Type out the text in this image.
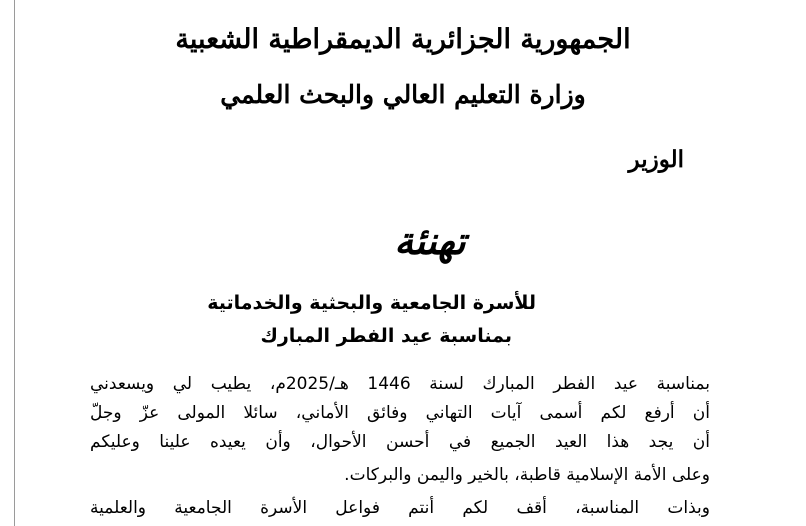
الجمهورية الجزائرية الديمقراطية الشعبية
وزارة التعليم العالي والبحث العلمي
الوزير
تهنئة
للأسرة الجامعية والبحثية والخدماتية
بمناسبة عيد الفطر المبارك
بمناسبة عيد الفطر المبارك لسنة 1446 هـ/2025م، يطيب لي ويسعدني
أن أرفع لكم أسمى آيات التهاني وفائق الأماني، سائلا المولى عزّ وجلّ
أن يجد هذا العيد الجميع في أحسن الأحوال، وأن يعيده علينا وعليكم
وعلى الأمة الإسلامية قاطبة، بالخير واليمن والبركات.
وبذات المناسبة، أقف لكم أنتم فواعل الأسرة الجامعية والعلمية
